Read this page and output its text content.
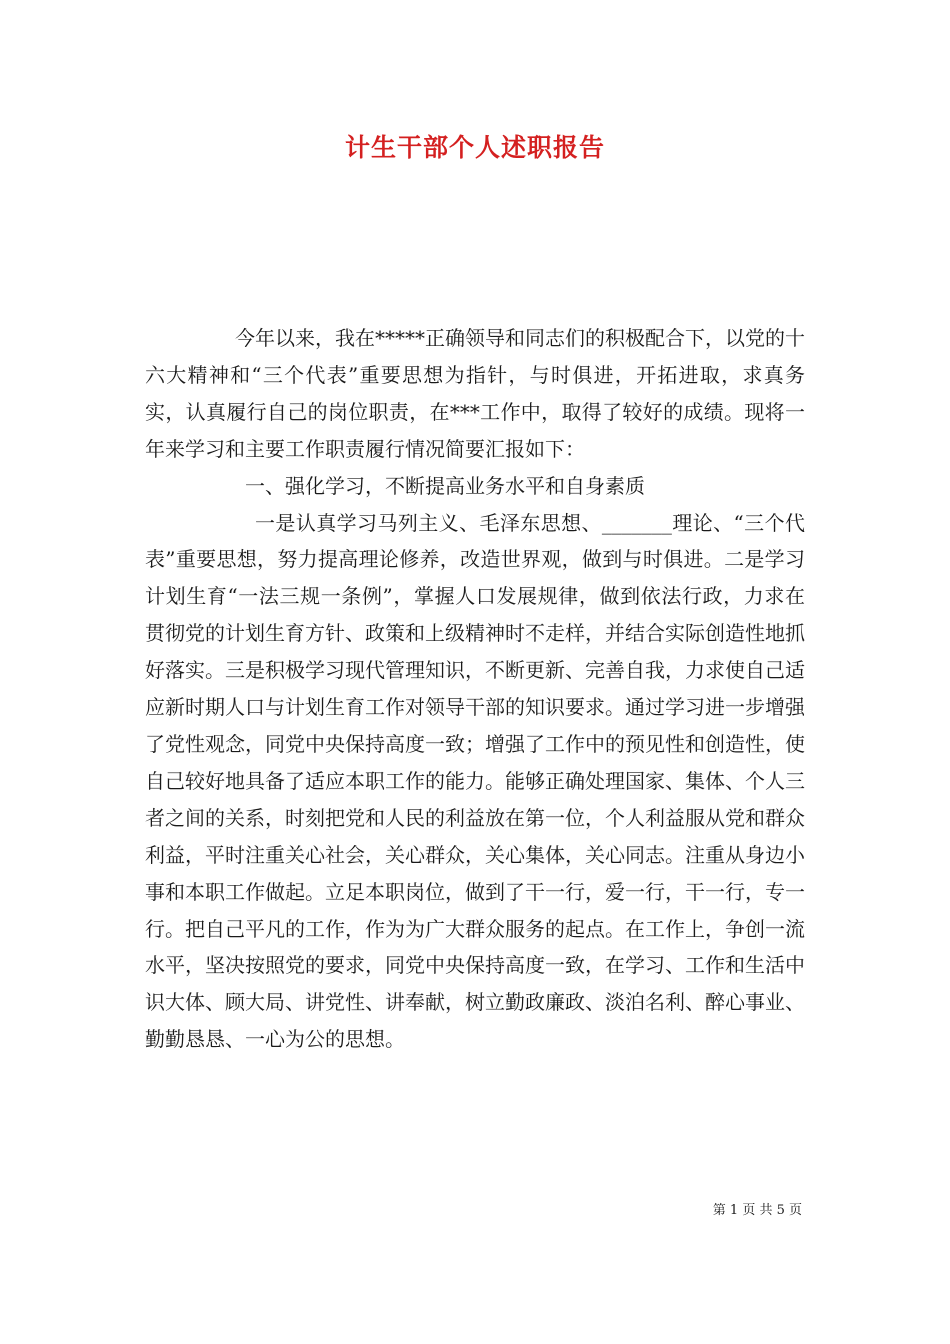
计生干部个人述职报告

今年以来，我在*****正确领导和同志们的积极配合下，以党的十六大精神和“三个代表”重要思想为指针，与时俱进，开拓进取，求真务实，认真履行自己的岗位职责，在***工作中，取得了较好的成绩。现将一年来学习和主要工作职责履行情况简要汇报如下：

一、强化学习，不断提高业务水平和自身素质

一是认真学习马列主义、毛泽东思想、_______理论、“三个代表”重要思想，努力提高理论修养，改造世界观，做到与时俱进。二是学习计划生育“一法三规一条例”，掌握人口发展规律，做到依法行政，力求在贯彻党的计划生育方针、政策和上级精神时不走样，并结合实际创造性地抓好落实。三是积极学习现代管理知识，不断更新、完善自我，力求使自己适应新时期人口与计划生育工作对领导干部的知识要求。通过学习进一步增强了党性观念，同党中央保持高度一致；增强了工作中的预见性和创造性，使自己较好地具备了适应本职工作的能力。能够正确处理国家、集体、个人三者之间的关系，时刻把党和人民的利益放在第一位，个人利益服从党和群众利益，平时注重关心社会，关心群众，关心集体，关心同志。注重从身边小事和本职工作做起。立足本职岗位，做到了干一行，爱一行，干一行，专一行。把自己平凡的工作，作为为广大群众服务的起点。在工作上，争创一流水平，坚决按照党的要求，同党中央保持高度一致，在学习、工作和生活中识大体、顾大局、讲党性、讲奉献，树立勤政廉政、淡泊名利、醉心事业、勤勤恳恳、一心为公的思想。

第 1 页 共 5 页
